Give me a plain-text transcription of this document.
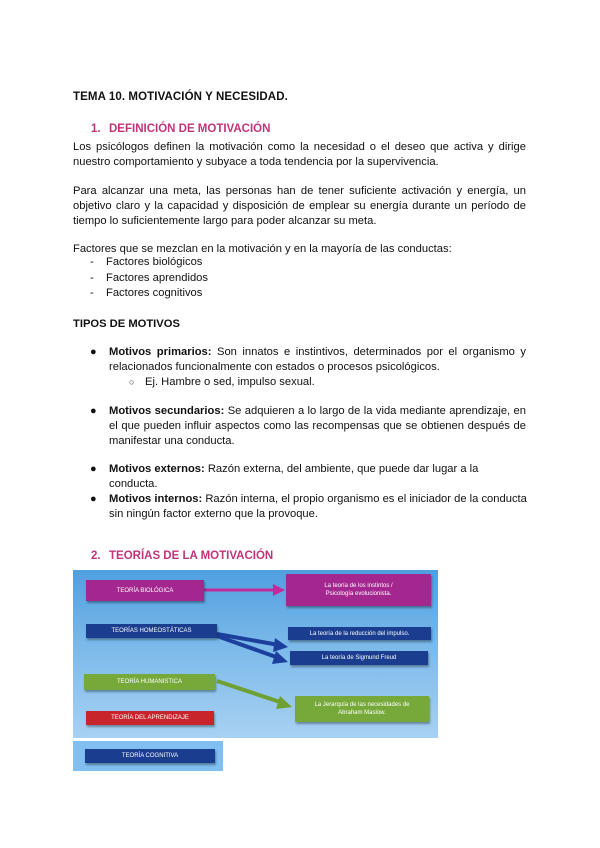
TEMA 10. MOTIVACIÓN Y NECESIDAD.
1. DEFINICIÓN DE MOTIVACIÓN
Los psicólogos definen la motivación como la necesidad o el deseo que activa y dirige
nuestro comportamiento y subyace a toda tendencia por la supervivencia.
Para alcanzar una meta, las personas han de tener suficiente activación y energía, un
objetivo claro y la capacidad y disposición de emplear su energía durante un período de
tiempo lo suficientemente largo para poder alcanzar su meta.
Factores que se mezclan en la motivación y en la mayoría de las conductas:
- Factores biológicos
- Factores aprendidos
- Factores cognitivos
TIPOS DE MOTIVOS
● Motivos primarios: Son innatos e instintivos, determinados por el organismo y
relacionados funcionalmente con estados o procesos psicológicos.
○ Ej. Hambre o sed, impulso sexual.
● Motivos secundarios: Se adquieren a lo largo de la vida mediante aprendizaje, en
el que pueden influir aspectos como las recompensas que se obtienen después de
manifestar una conducta.
● Motivos externos: Razón externa, del ambiente, que puede dar lugar a la conducta.
● Motivos internos: Razón interna, el propio organismo es el iniciador de la conducta
sin ningún factor externo que la provoque.
2. TEORÍAS DE LA MOTIVACIÓN
TEORÍA BIOLÓGICA
TEORÍAS HOMEOSTÁTICAS
TEORÍA HUMANISTICA
TEORÍA DEL APRENDIZAJE
La teoría de los instintos /
Psicología evolucionista.
La teoría de la reducción del impulso.
La teoría de Sigmund Freud
La Jerarquía de las necesidades de
Abraham Maslow.
TEORÍA COGNITIVA
